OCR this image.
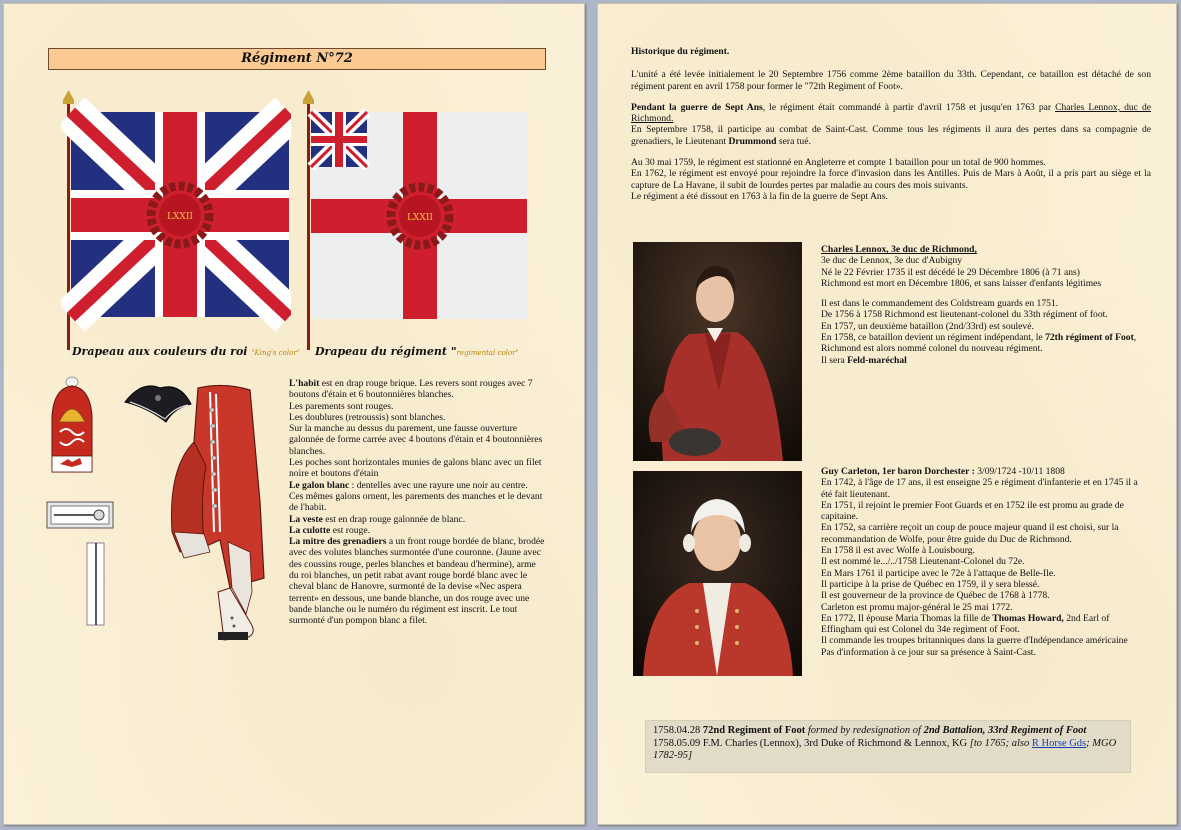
Régiment N°72
LXXII	LXXII
Drapeau aux couleurs du roi "King's color" Drapeau du régiment "regimental color"

L'habit est en drap rouge brique. Les revers sont rouges avec 7 boutons d'étain et 6 boutonnières blanches.

Les parements sont rouges.

Les doublures (retroussis) sont blanches.

Sur la manche au dessus du parement, une fausse ouverture galonnée de forme carrée avec 4 boutons d'étain et 4 boutonnières blanches.

Les poches sont horizontales munies de galons blanc avec un filet noire et boutons d'étain

Le galon blanc : dentelles avec une rayure une noir au centre.

Ces mêmes galons ornent, les parements des manches et le devant de l'habit.

La veste est en drap rouge galonnée de blanc.

La culotte est rouge.

La mitre des grenadiers a un front rouge bordée de blanc, brodée avec des volutes blanches surmontée d'une couronne. (Jaune avec des coussins rouge, perles blanches et bandeau d'hermine), arme du roi blanches, un petit rabat avant rouge bordé blanc avec le cheval blanc de Hanovre, surmonté de la devise «Nec aspera terrent» en dessous, une bande blanche, un dos rouge avec une bande blanche ou le numéro du régiment est inscrit. Le tout surmonté d'un pompon blanc a filet.

Historique du régiment.

L'unité a été levée initialement le 20 Septembre 1756 comme 2ème bataillon du 33th. Cependant, ce bataillon est détaché de son régiment parent en avril 1758 pour former le "72th Regiment of Foot».

Pendant la guerre de Sept Ans, le régiment était commandé à partir d'avril 1758 et jusqu'en 1763 par Charles Lennox, duc de Richmond.
En Septembre 1758, il participe au combat de Saint-Cast. Comme tous les régiments il aura des pertes dans sa compagnie de grenadiers, le Lieutenant Drummond sera tué.

Au 30 mai 1759, le régiment est stationné en Angleterre et compte 1 bataillon pour un total de 900 hommes.
En 1762, le régiment est envoyé pour rejoindre la force d'invasion dans les Antilles. Puis de Mars à Août, il a pris part au siège et la capture de La Havane, il subit de lourdes pertes par maladie au cours des mois suivants.
Le régiment a été dissout en 1763 à la fin de la guerre de Sept Ans.

Charles Lennox, 3e duc de Richmond,

3e duc de Lennox, 3e duc d'Aubigny

Né le 22 Février 1735 il est décédé le 29 Décembre 1806 (à 71 ans)

Richmond est mort en Décembre 1806, et sans laisser d'enfants légitimes

Il est dans le commandement des Coldstream guards en 1751.

De 1756 à 1758 Richmond est lieutenant-colonel du 33th régiment of foot.

En 1757, un deuxième bataillon (2nd/33rd) est soulevé.

En 1758, ce bataillon devient un régiment indépendant, le 72th régiment of Foot, Richmond est alors nommé colonel du nouveau régiment.

Il sera Feld-maréchal

Guy Carleton, 1er baron Dorchester : 3/09/1724 -10/11 1808

En 1742, à l'âge de 17 ans, il est enseigne 25 e régiment d'infanterie et en 1745 il a été fait lieutenant.

En 1751, il rejoint le premier Foot Guards et en 1752 ile est promu au grade de capitaine.

En 1752, sa carrière reçoit un coup de pouce majeur quand il est choisi, sur la recommandation de Wolfe, pour être guide du Duc de Richmond.

En 1758 il est avec Wolfe à Louisbourg.

Il est nommé le.../../1758 Lieutenant-Colonel du 72e.

En Mars 1761 il participe avec le 72e à l'attaque de Belle-Ile.

Il participe à la prise de Québec en 1759, il y sera blessé.

Il est gouverneur de la province de Québec de 1768 à 1778.

Carleton est promu major-général le 25 mai 1772.

En 1772, Il épouse Maria Thomas la fille de Thomas Howard, 2nd Earl of Effingham qui est Colonel du 34e regiment of Foot.

Il commande les troupes britanniques dans la guerre d'Indépendance américaine

Pas d'information à ce jour sur sa présence à Saint-Cast.

1758.04.28 72nd Regiment of Foot formed by redesignation of 2nd Battalion, 33rd Regiment of Foot
1758.05.09 F.M. Charles (Lennox), 3rd Duke of Richmond & Lennox, KG [to 1765; also R Horse Gds; MGO 1782-95]
